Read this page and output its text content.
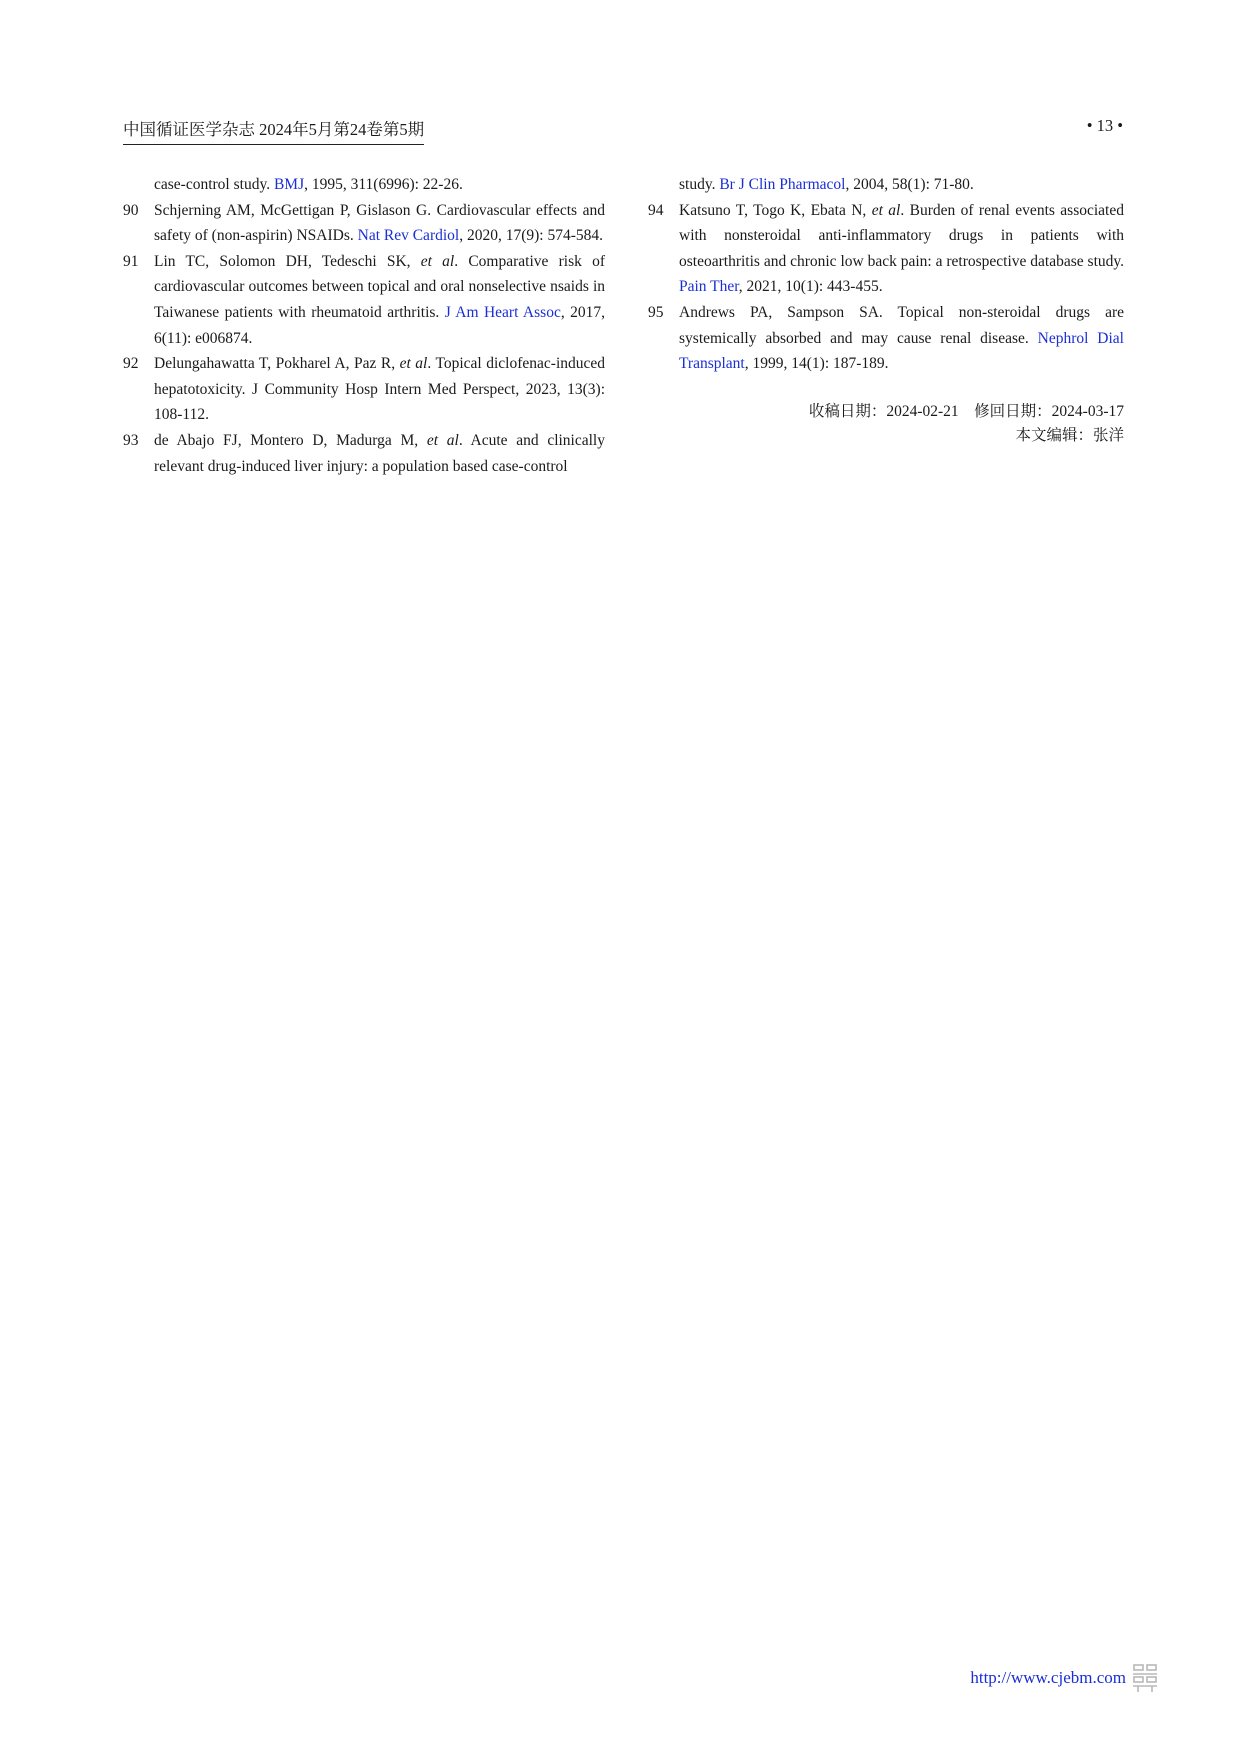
中国循证医学杂志 2024年5月第24卷第5期	• 13 •

case-control study. BMJ, 1995, 311(6996): 22-26.

90 Schjerning AM, McGettigan P, Gislason G. Cardiovascular effects and safety of (non-aspirin) NSAIDs. Nat Rev Cardiol, 2020, 17(9): 574-584.

91 Lin TC, Solomon DH, Tedeschi SK, et al. Comparative risk of cardiovascular outcomes between topical and oral nonselective nsaids in Taiwanese patients with rheumatoid arthritis. J Am Heart Assoc, 2017, 6(11): e006874.

92 Delungahawatta T, Pokharel A, Paz R, et al. Topical diclofenac-induced hepatotoxicity. J Community Hosp Intern Med Perspect, 2023, 13(3): 108-112.

93 de Abajo FJ, Montero D, Madurga M, et al. Acute and clinically relevant drug-induced liver injury: a population based case-control

study. Br J Clin Pharmacol, 2004, 58(1): 71-80.

94 Katsuno T, Togo K, Ebata N, et al. Burden of renal events associated with nonsteroidal anti-inflammatory drugs in patients with osteoarthritis and chronic low back pain: a retrospective database study. Pain Ther, 2021, 10(1): 443-455.

95 Andrews PA, Sampson SA. Topical non-steroidal drugs are systemically absorbed and may cause renal disease. Nephrol Dial Transplant, 1999, 14(1): 187-189.

收稿日期：2024-02-21　修回日期：2024-03-17
本文编辑：张洋
http://www.cjebm.com
